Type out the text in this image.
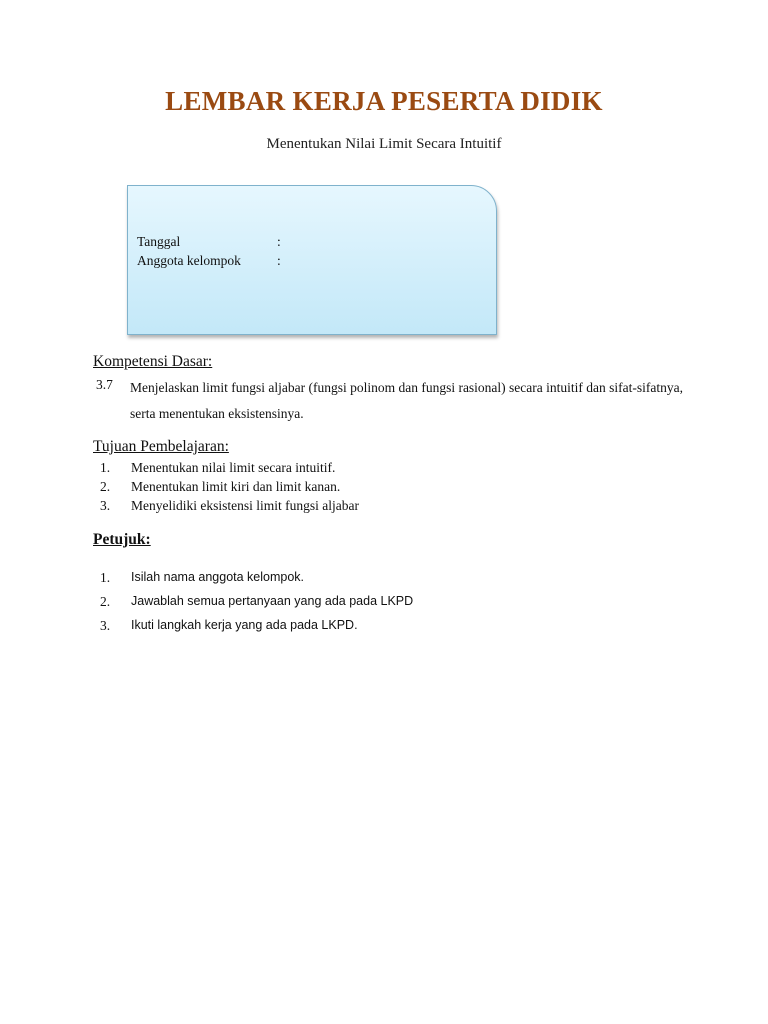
LEMBAR KERJA PESERTA DIDIK
Menentukan Nilai Limit Secara Intuitif
Tanggal	:
Anggota kelompok	:
Kompetensi Dasar:
3.7 Menjelaskan limit fungsi aljabar (fungsi polinom dan fungsi rasional) secara intuitif dan sifat-sifatnya, serta menentukan eksistensinya.
Tujuan Pembelajaran:
1. Menentukan nilai limit secara intuitif.
2. Menentukan limit kiri dan limit kanan.
3. Menyelidiki eksistensi limit fungsi aljabar
Petujuk:
1. Isilah nama anggota kelompok.
2. Jawablah semua pertanyaan yang ada pada LKPD
3. Ikuti langkah kerja yang ada pada LKPD.
